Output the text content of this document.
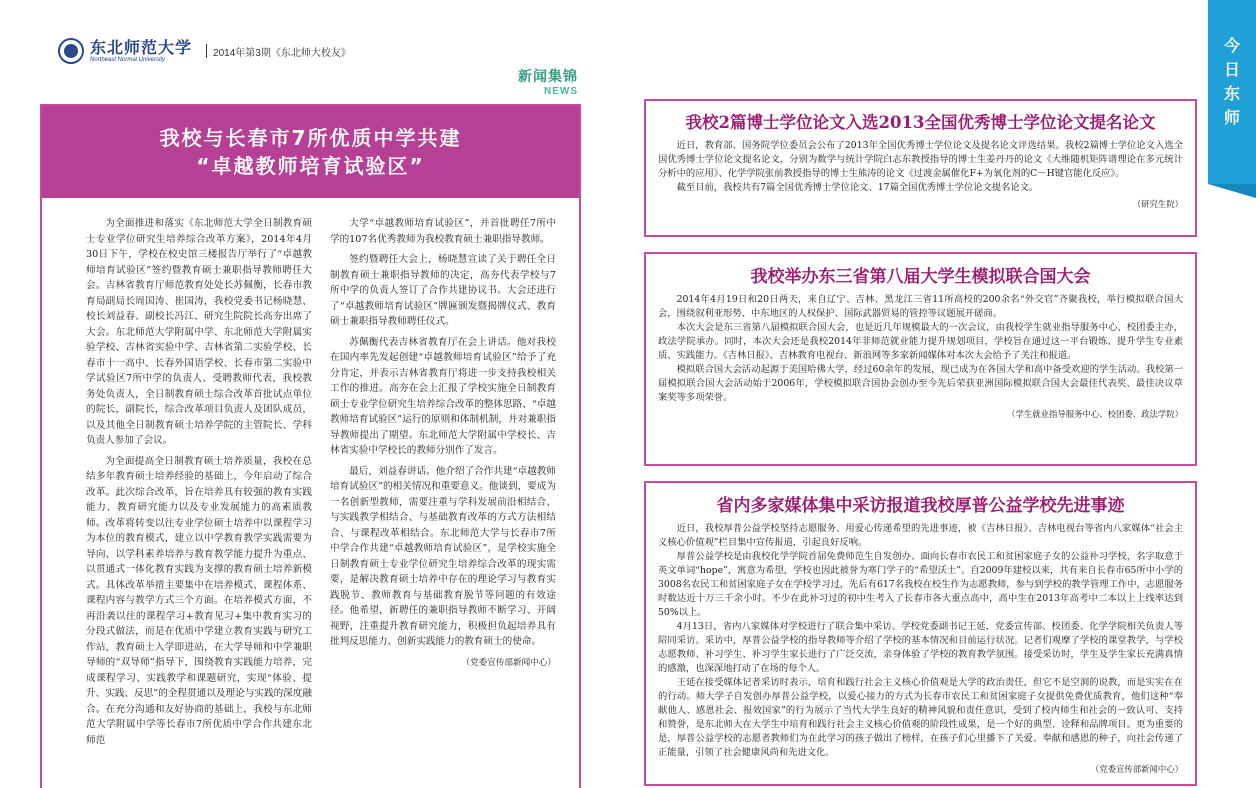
东北师范大学
Northeast Normal University
2014年第3期《东北师大校友》
新闻集锦
NEWS
今
日
东
师
我校与长春市7所优质中学共建
“卓越教师培育试验区”

为全面推进和落实《东北师范大学全日制教育硕士专业学位研究生培养综合改革方案》，2014年4月30日下午，学校在校史馆三楼报告厅举行了“卓越教师培育试验区”签约暨教育硕士兼职指导教师聘任大会。吉林省教育厅师范教育处处长苏佩衡，长春市教育局副局长周国涛、崔国涛，我校党委书记杨晓慧、校长刘益春、副校长冯江、研究生院院长高夯出席了大会。东北师范大学附属中学、东北师范大学附属实验学校、吉林省实验中学、吉林省第二实验学校、长春市十一高中、长春外国语学校、长春市第二实验中学试验区7所中学的负责人、受聘教师代表，我校教务处负责人，全日制教育硕士综合改革首批试点单位的院长，副院长，综合改革项目负责人及团队成员，以及其他全日制教育硕士培养学院的主管院长、学科负责人参加了会议。

为全面提高全日制教育硕士培养质量，我校在总结多年教育硕士培养经验的基础上，今年启动了综合改革。此次综合改革，旨在培养具有较强的教育实践能力、教育研究能力以及专业发展能力的高素质教师。改革将转变以往专业学位硕士培养中以课程学习为本位的教育模式，建立以中学教育教学实践需要为导向、以学科素养培养与教育教学能力提升为重点、以贯通式一体化教育实践为支撑的教育硕士培养新模式。具体改革举措主要集中在培养模式、课程体系、课程内容与教学方式三个方面。在培养模式方面，不再沿袭以往的课程学习+教育见习+集中教育实习的分段式做法，而是在优质中学建立教育实践与研究工作站，教育硕士入学即进站，在大学导师和中学兼职导师的“双导师”指导下，围绕教育实践能力培养，完成课程学习、实践教学和课题研究，实现“体验、提升、实践、反思”的全程贯通以及理论与实践的深度融合。在充分沟通和友好协商的基础上，我校与东北师范大学附属中学等长春市7所优质中学合作共建东北师范

大学“卓越教师培育试验区”，并首批聘任7所中学的107名优秀教师为我校教育硕士兼职指导教师。

签约暨聘任大会上，杨晓慧宣读了关于聘任全日制教育硕士兼职指导教师的决定，高夯代表学校与7所中学的负责人签订了合作共建协议书。大会还进行了“卓越教师培育试验区”牌匾颁发暨揭牌仪式、教育硕士兼职指导教师聘任仪式。

苏佩衡代表吉林省教育厅在会上讲话。他对我校在国内率先发起创建“卓越教师培育试验区”给予了充分肯定，并表示吉林省教育厅将进一步支持我校相关工作的推进。高夯在会上汇报了学校实施全日制教育硕士专业学位研究生培养综合改革的整体思路、“卓越教师培育试验区”运行的原则和体制机制，并对兼职指导教师提出了期望。东北师范大学附属中学校长、吉林省实验中学校长的教师分别作了发言。

最后，刘益春讲话。他介绍了合作共建“卓越教师培育试验区”的相关情况和重要意义。他谈到，要成为一名创新型教师，需要注重与学科发展前沿相结合、与实践教学相结合、与基础教育改革的方式方法相结合、与课程改革相结合。东北师范大学与长春市7所中学合作共建“卓越教师培育试验区”，是学校实施全日制教育硕士专业学位研究生培养综合改革的现实需要，是解决教育硕士培养中存在的理论学习与教育实践脱节、教师教育与基础教育脱节等问题的有效途径。他希望，新聘任的兼职指导教师不断学习、开阔视野，注重提升教育研究能力，积极担负起培养具有批判反思能力、创新实践能力的教育硕士的使命。

（党委宣传部新闻中心）
我校2篇博士学位论文入选2013全国优秀博士学位论文提名论文

近日，教育部、国务院学位委员会公布了2013年全国优秀博士学位论文及提名论文评选结果。我校2篇博士学位论文入选全国优秀博士学位论文提名论文，分别为数学与统计学院白志东教授指导的博士生姜丹丹的论文《大维随机矩阵谱理论在多元统计分析中的应用》、化学学院张前教授指导的博士生熊涛的论文《过渡金属催化F+为氧化剂的C－H键官能化反应》。

截至目前，我校共有7篇全国优秀博士学位论文、17篇全国优秀博士学位论文提名论文。

（研究生院）
我校举办东三省第八届大学生模拟联合国大会

2014年4月19日和20日两天，来自辽宁、吉林、黑龙江三省11所高校的200余名“外交官”齐聚我校，举行模拟联合国大会，围绕叙利亚形势、中东地区的人权保护、国际武器贸易的管控等议题展开磋商。

本次大会是东三省第八届模拟联合国大会，也是近几年规模最大的一次会议，由我校学生就业指导服务中心、校团委主办，政法学院承办。同时，本次大会还是我校2014年非师范就业能力提升规划项目，学校旨在通过这一平台锻炼、提升学生专业素质、实践能力。《吉林日报》、吉林教育电视台、新浪网等多家新闻媒体对本次大会给予了关注和报道。

模拟联合国大会活动起源于美国哈佛大学，经过60余年的发展，现已成为在各国大学和高中备受欢迎的学生活动。我校第一届模拟联合国大会活动始于2006年，学校模拟联合国协会创办至今先后荣获亚洲国际模拟联合国大会最佳代表奖、最佳决议草案奖等多项荣誉。

（学生就业指导服务中心、校团委、政法学院）
省内多家媒体集中采访报道我校厚普公益学校先进事迹

近日，我校厚普公益学校坚持志愿服务、用爱心传递希望的先进事迹，被《吉林日报》、吉林电视台等省内八家媒体“社会主义核心价值观”栏目集中宣传报道，引起良好反响。

厚普公益学校是由我校化学学院首届免费师范生自发创办、面向长春市农民工和贫困家庭子女的公益补习学校，名字取意于英文单词“hope”，寓意为希望，学校也因此被誉为寒门学子的“希望沃土”。自2009年建校以来，共有来自长春市65所中小学的3008名农民工和贫困家庭子女在学校学习过，先后有617名我校在校生作为志愿教师，参与到学校的教学管理工作中，志愿服务时数达近十万三千余小时。不少在此补习过的初中生考入了长春市各大重点高中，高中生在2013年高考中二本以上上线率达到50%以上。

4月13日，省内八家媒体对学校进行了联合集中采访。学校党委副书记王延，党委宣传部、校团委、化学学院相关负责人等陪同采访。采访中，厚普公益学校的指导教师等介绍了学校的基本情况和目前运行状况。记者们观摩了学校的课堂教学，与学校志愿教师、补习学生、补习学生家长进行了广泛交流，亲身体验了学校的教育教学氛围。接受采访时，学生及学生家长充满真情的感激，也深深地打动了在场的每个人。

王延在接受媒体记者采访时表示，培育和践行社会主义核心价值观是大学的政治责任，但它不是空洞的说教，而是实实在在的行动。师大学子自发创办厚普公益学校，以爱心接力的方式为长春市农民工和贫困家庭子女提供免费优质教育，他们这种“奉献他人、感恩社会、报效国家”的行为展示了当代大学生良好的精神风貌和责任意识，受到了校内师生和社会的一致认可、支持和赞誉，是东北师大在大学生中培育和践行社会主义核心价值观的阶段性成果，是一个好的典型、诠释和品牌项目。更为重要的是，厚普公益学校的志愿者教师们为在此学习的孩子做出了榜样，在孩子们心里播下了关爱、奉献和感恩的种子，向社会传递了正能量，引领了社会健康风尚和先进文化。

（党委宣传部新闻中心）
